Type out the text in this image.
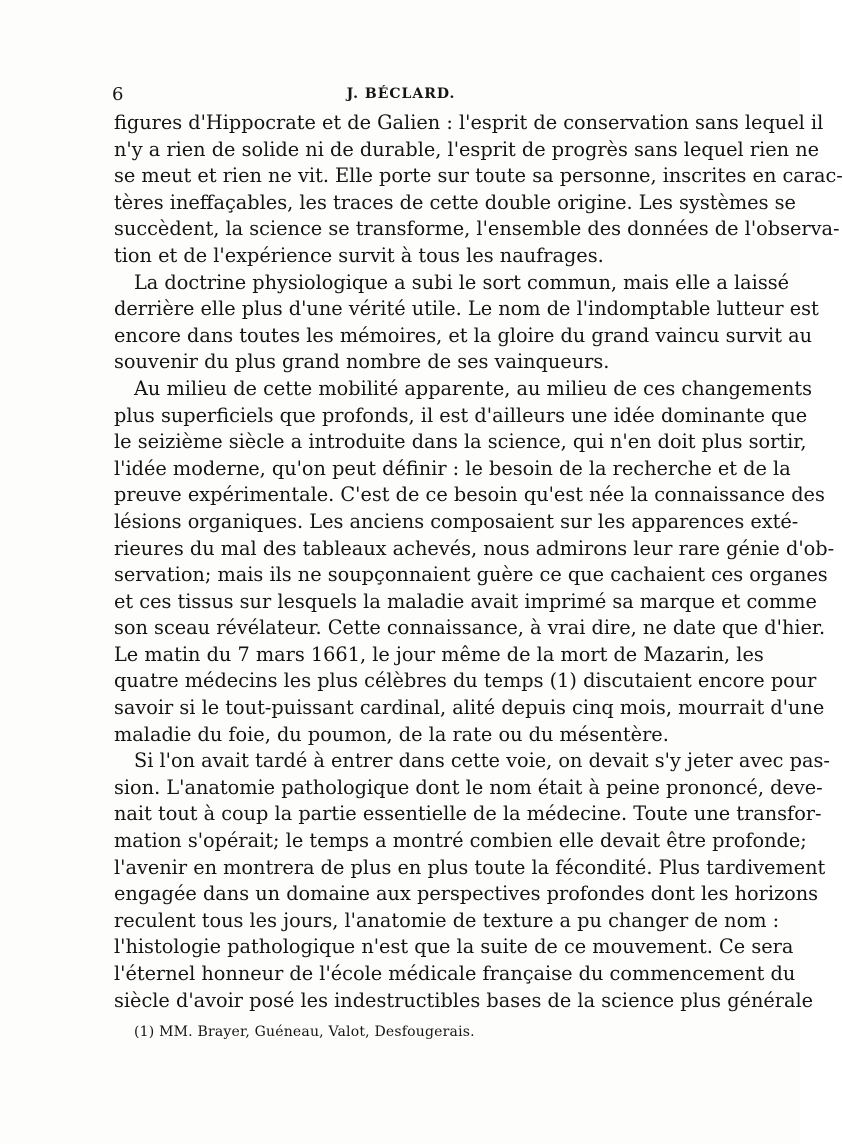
6	J. BÉCLARD.
figures d'Hippocrate et de Galien : l'esprit de conservation sans lequel il
n'y a rien de solide ni de durable, l'esprit de progrès sans lequel rien ne
se meut et rien ne vit. Elle porte sur toute sa personne, inscrites en carac-
tères ineffaçables, les traces de cette double origine. Les systèmes se
succèdent, la science se transforme, l'ensemble des données de l'observa-
tion et de l'expérience survit à tous les naufrages.
La doctrine physiologique a subi le sort commun, mais elle a laissé
derrière elle plus d'une vérité utile. Le nom de l'indomptable lutteur est
encore dans toutes les mémoires, et la gloire du grand vaincu survit au
souvenir du plus grand nombre de ses vainqueurs.
Au milieu de cette mobilité apparente, au milieu de ces changements
plus superficiels que profonds, il est d'ailleurs une idée dominante que
le seizième siècle a introduite dans la science, qui n'en doit plus sortir,
l'idée moderne, qu'on peut définir : le besoin de la recherche et de la
preuve expérimentale. C'est de ce besoin qu'est née la connaissance des
lésions organiques. Les anciens composaient sur les apparences exté-
rieures du mal des tableaux achevés, nous admirons leur rare génie d'ob-
servation; mais ils ne soupçonnaient guère ce que cachaient ces organes
et ces tissus sur lesquels la maladie avait imprimé sa marque et comme
son sceau révélateur. Cette connaissance, à vrai dire, ne date que d'hier.
Le matin du 7 mars 1661, le jour même de la mort de Mazarin, les
quatre médecins les plus célèbres du temps (1) discutaient encore pour
savoir si le tout-puissant cardinal, alité depuis cinq mois, mourrait d'une
maladie du foie, du poumon, de la rate ou du mésentère.
Si l'on avait tardé à entrer dans cette voie, on devait s'y jeter avec pas-
sion. L'anatomie pathologique dont le nom était à peine prononcé, deve-
nait tout à coup la partie essentielle de la médecine. Toute une transfor-
mation s'opérait; le temps a montré combien elle devait être profonde;
l'avenir en montrera de plus en plus toute la fécondité. Plus tardivement
engagée dans un domaine aux perspectives profondes dont les horizons
reculent tous les jours, l'anatomie de texture a pu changer de nom :
l'histologie pathologique n'est que la suite de ce mouvement. Ce sera
l'éternel honneur de l'école médicale française du commencement du
siècle d'avoir posé les indestructibles bases de la science plus générale
(1) MM. Brayer, Guéneau, Valot, Desfougerais.
